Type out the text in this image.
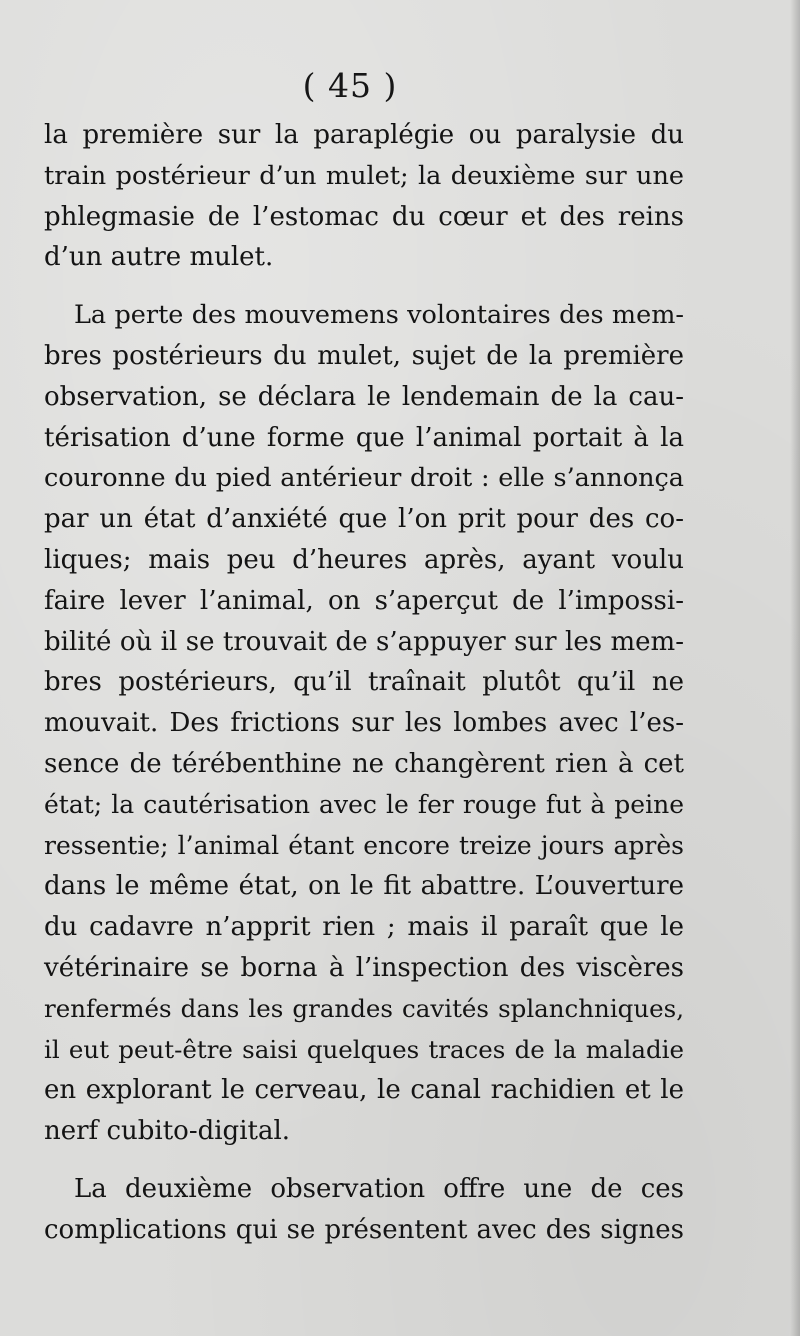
( 45 )
la première sur la paraplégie ou paralysie du
train postérieur d’un mulet; la deuxième sur une
phlegmasie de l’estomac du cœur et des reins
d’un autre mulet.
La perte des mouvemens volontaires des mem-
bres postérieurs du mulet, sujet de la première
observation, se déclara le lendemain de la cau-
térisation d’une forme que l’animal portait à la
couronne du pied antérieur droit : elle s’annonça
par un état d’anxiété que l’on prit pour des co-
liques; mais peu d’heures après, ayant voulu
faire lever l’animal, on s’aperçut de l’impossi-
bilité où il se trouvait de s’appuyer sur les mem-
bres postérieurs, qu’il traînait plutôt qu’il ne
mouvait. Des frictions sur les lombes avec l’es-
sence de térébenthine ne changèrent rien à cet
état; la cautérisation avec le fer rouge fut à peine
ressentie; l’animal étant encore treize jours après
dans le même état, on le fit abattre. L’ouverture
du cadavre n’apprit rien ; mais il paraît que le
vétérinaire se borna à l’inspection des viscères
renfermés dans les grandes cavités splanchniques,
il eut peut-être saisi quelques traces de la maladie
en explorant le cerveau, le canal rachidien et le
nerf cubito-digital.
La deuxième observation offre une de ces
complications qui se présentent avec des signes
